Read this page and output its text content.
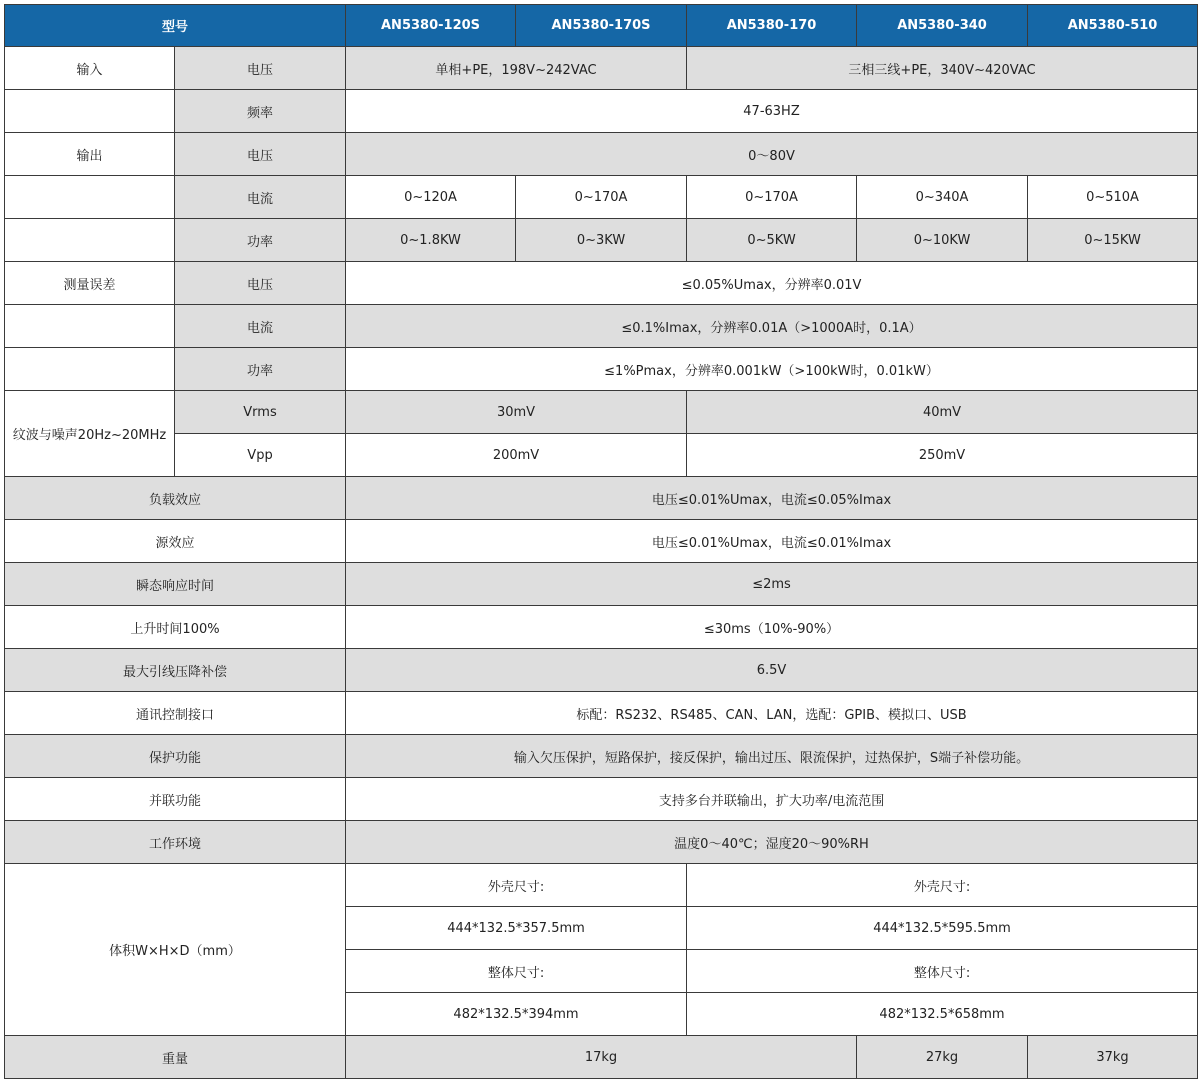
型号		AN5380-120S	AN5380-170S	AN5380-170	AN5380-340	AN5380-510
输入	电压	单相+PE，198V~242VAC		三相三线+PE，340V~420VAC		
	频率	47-63HZ				
输出	电压	0～80V				
	电流	0~120A	0~170A	0~170A	0~340A	0~510A
	功率	0~1.8KW	0~3KW	0~5KW	0~10KW	0~15KW
测量误差	电压	≤0.05%Umax，分辨率0.01V				
	电流	≤0.1%Imax，分辨率0.01A（>1000A时，0.1A）				
	功率	≤1%Pmax，分辨率0.001kW（>100kW时，0.01kW）				
纹波与噪声20Hz~20MHz	Vrms	30mV		40mV		
	Vpp	200mV		250mV		
负载效应		电压≤0.01%Umax，电流≤0.05%Imax				
源效应		电压≤0.01%Umax，电流≤0.01%Imax				
瞬态响应时间		≤2ms				
上升时间100%		≤30ms（10%-90%）				
最大引线压降补偿		6.5V				
通讯控制接口		标配：RS232、RS485、CAN、LAN，选配：GPIB、模拟口、USB				
保护功能		输入欠压保护，短路保护，接反保护，输出过压、限流保护，过热保护，S端子补偿功能。				
并联功能		支持多台并联输出，扩大功率/电流范围				
工作环境		温度0～40℃；湿度20～90%RH				
体积W×H×D（mm）		外壳尺寸:		外壳尺寸:		
		444*132.5*357.5mm		444*132.5*595.5mm		
		整体尺寸:		整体尺寸:		
		482*132.5*394mm		482*132.5*658mm		
重量		17kg			27kg	37kg
